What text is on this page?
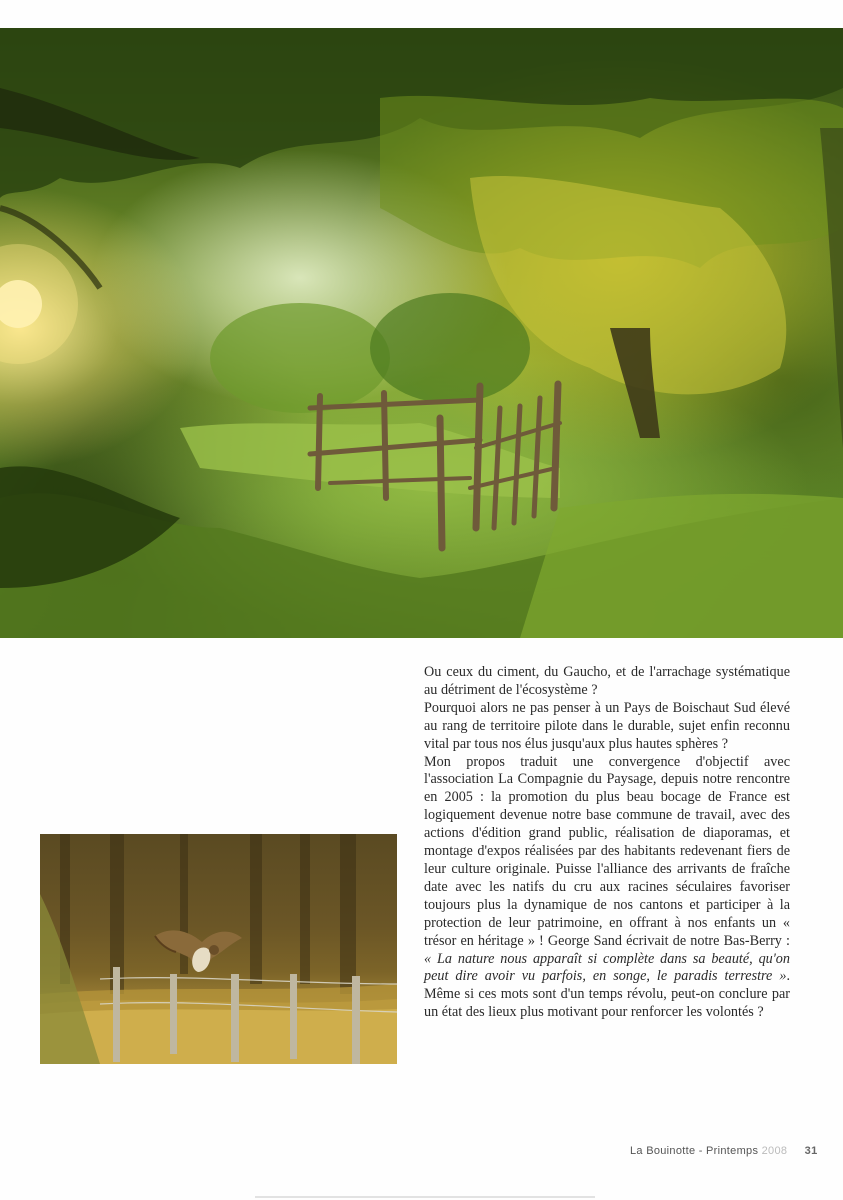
Ou ceux du ciment, du Gaucho, et de l'arrachage systématique au détriment de l'écosystème ?

Pourquoi alors ne pas penser à un Pays de Boischaut Sud élevé au rang de territoire pilote dans le durable, sujet enfin reconnu vital par tous nos élus jusqu'aux plus hautes sphères ?

Mon propos traduit une convergence d'objectif avec l'association La Compagnie du Paysage, depuis notre rencontre en 2005 : la promotion du plus beau bocage de France est logiquement devenue notre base commune de travail, avec des actions d'édition grand public, réalisation de diaporamas, et montage d'expos réalisées par des habitants redevenant fiers de leur culture originale. Puisse l'alliance des arrivants de fraîche date avec les natifs du cru aux racines séculaires favoriser toujours plus la dynamique de nos cantons et participer à la protection de leur patrimoine, en offrant à nos enfants un « trésor en héritage » ! George Sand écrivait de notre Bas-Berry : « La nature nous apparaît si complète dans sa beauté, qu'on peut dire avoir vu parfois, en songe, le paradis terrestre ». Même si ces mots sont d'un temps révolu, peut-on conclure par un état des lieux plus motivant pour renforcer les volontés ?

La Bouinotte - Printemps 2008 31
